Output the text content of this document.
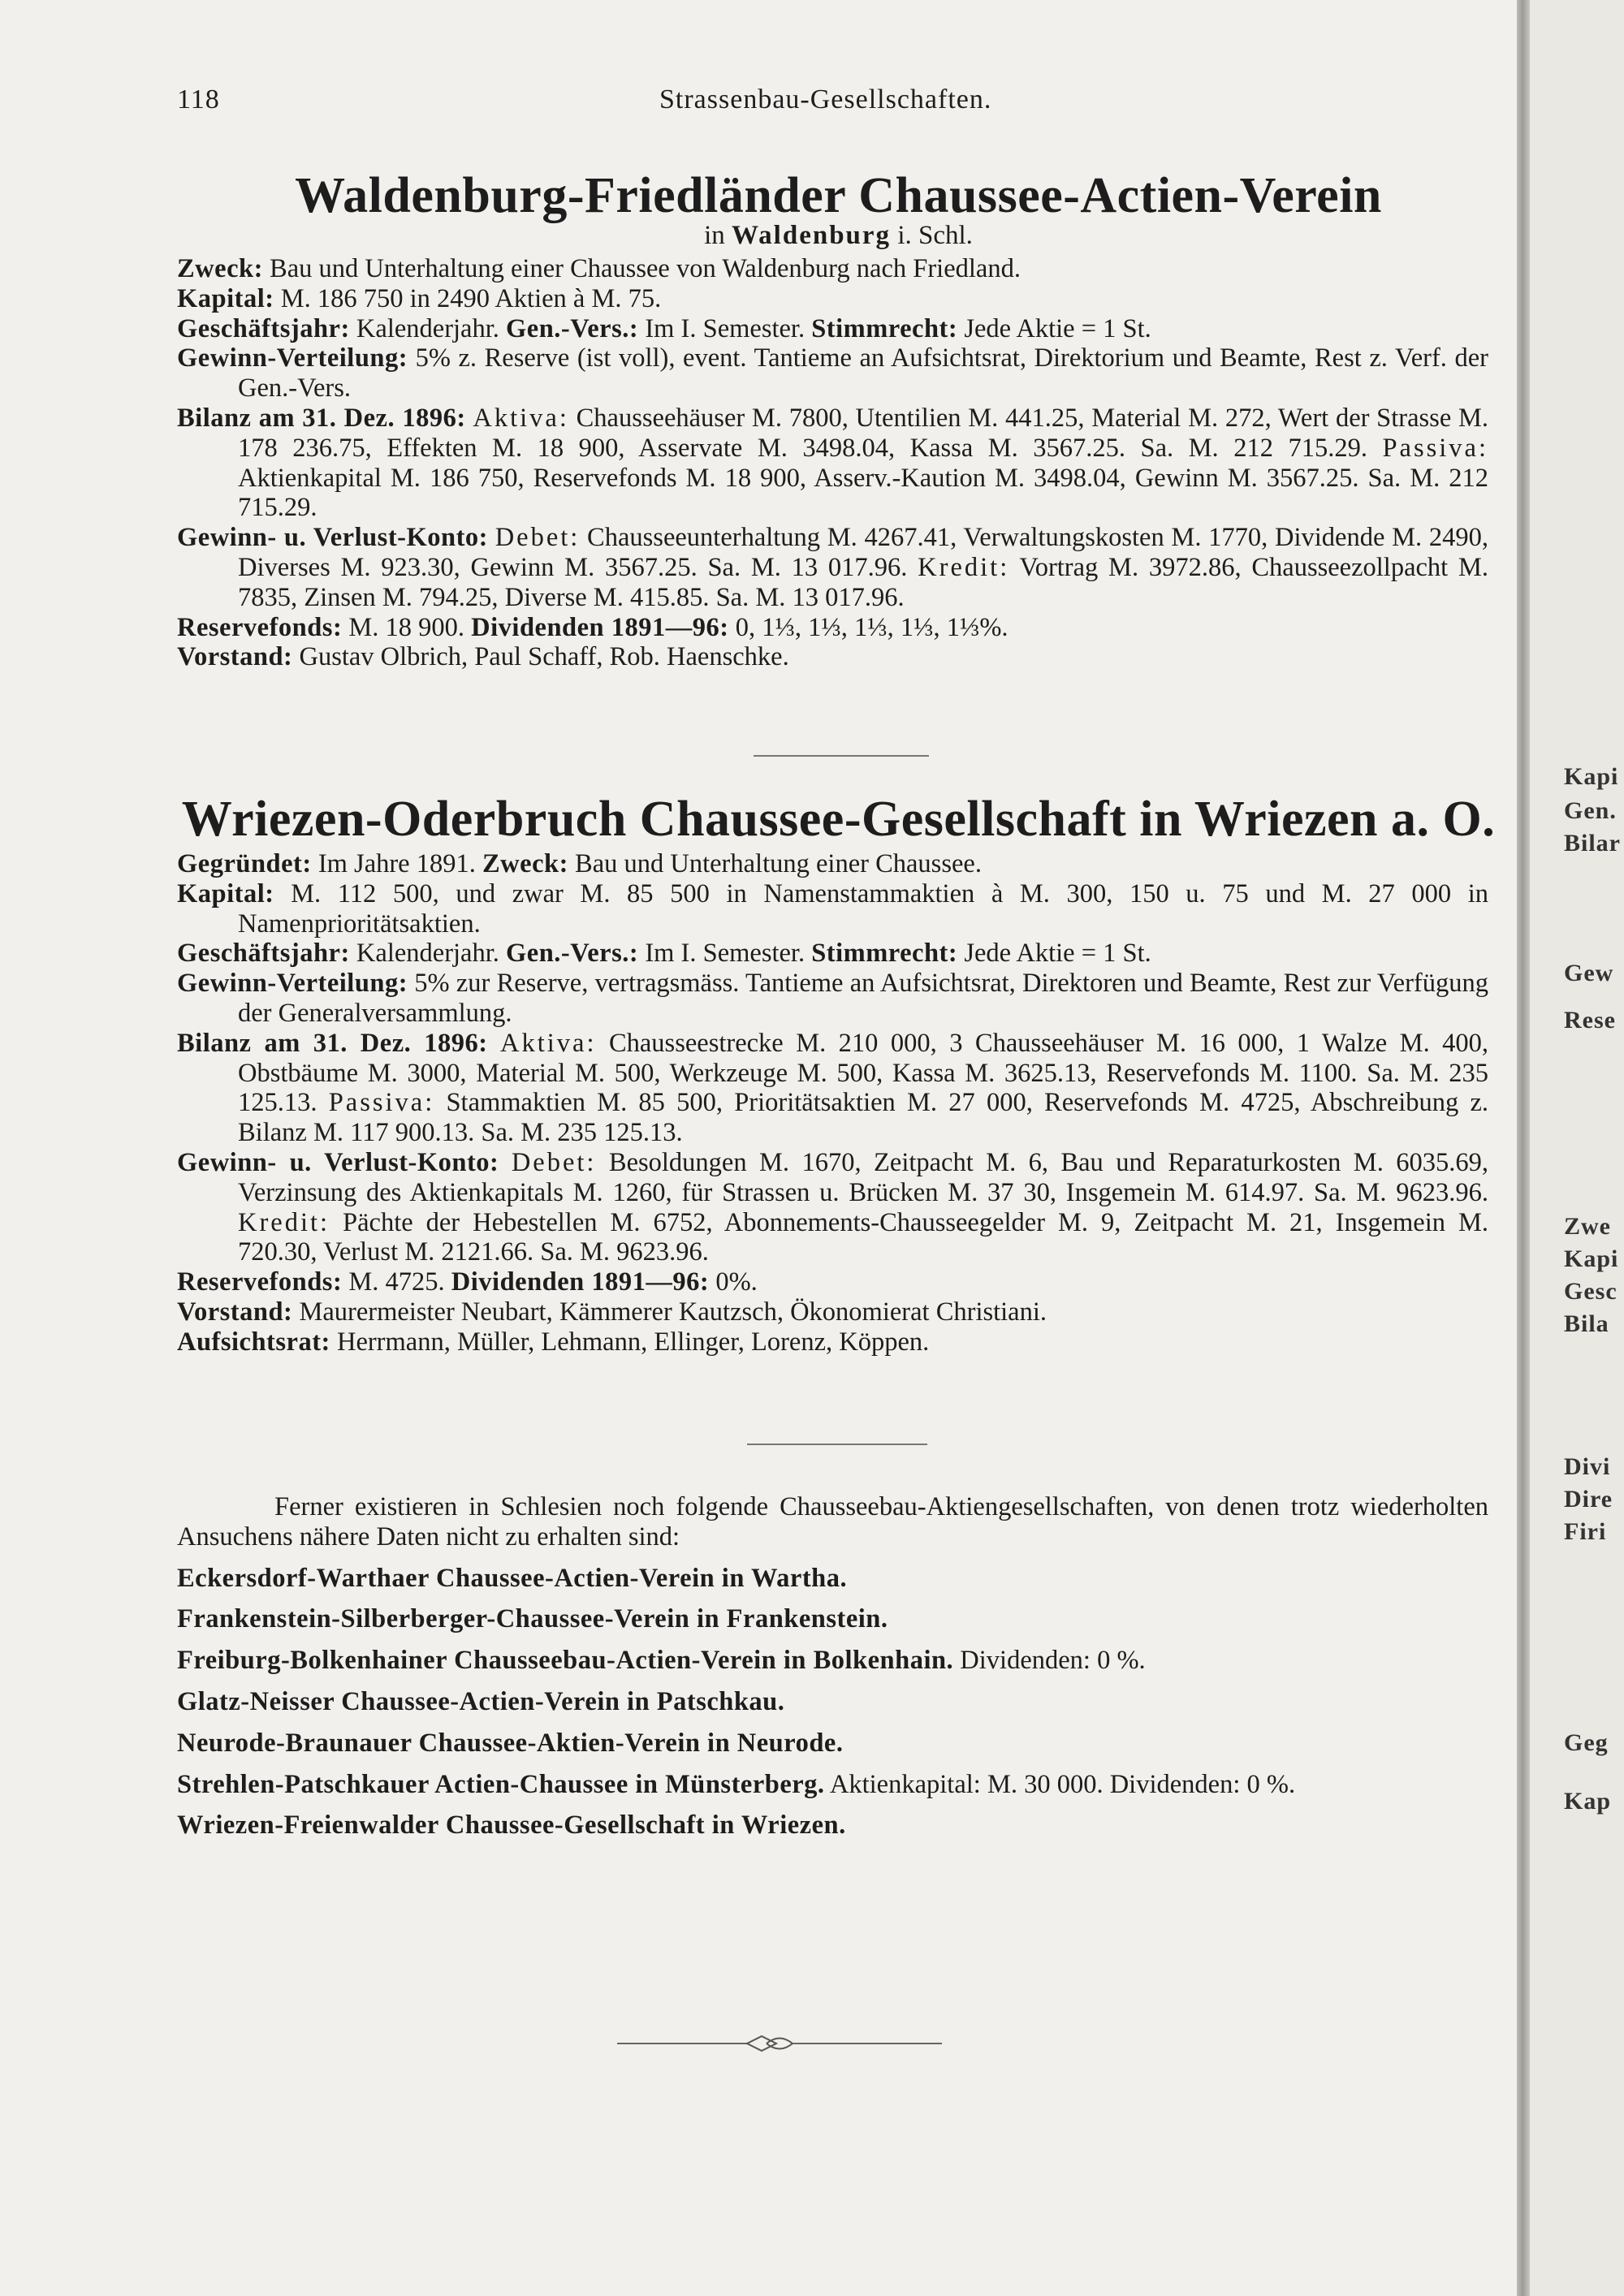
118	Strassenbau-Gesellschaften.
Waldenburg-Friedländer Chaussee-Actien-Verein
in Waldenburg i. Schl.

Zweck: Bau und Unterhaltung einer Chaussee von Waldenburg nach Friedland.

Kapital: M. 186 750 in 2490 Aktien à M. 75.

Geschäftsjahr: Kalenderjahr. Gen.-Vers.: Im I. Semester. Stimmrecht: Jede Aktie = 1 St.

Gewinn-Verteilung: 5% z. Reserve (ist voll), event. Tantieme an Aufsichtsrat, Direktorium und Beamte, Rest z. Verf. der Gen.-Vers.

Bilanz am 31. Dez. 1896: Aktiva: Chausseehäuser M. 7800, Utentilien M. 441.25, Material M. 272, Wert der Strasse M. 178 236.75, Effekten M. 18 900, Asservate M. 3498.04, Kassa M. 3567.25. Sa. M. 212 715.29. Passiva: Aktienkapital M. 186 750, Reservefonds M. 18 900, Asserv.-Kaution M. 3498.04, Gewinn M. 3567.25. Sa. M. 212 715.29.

Gewinn- u. Verlust-Konto: Debet: Chausseeunterhaltung M. 4267.41, Verwaltungskosten M. 1770, Dividende M. 2490, Diverses M. 923.30, Gewinn M. 3567.25. Sa. M. 13 017.96. Kredit: Vortrag M. 3972.86, Chausseezollpacht M. 7835, Zinsen M. 794.25, Diverse M. 415.85. Sa. M. 13 017.96.

Reservefonds: M. 18 900. Dividenden 1891—96: 0, 1⅓, 1⅓, 1⅓, 1⅓, 1⅓%.

Vorstand: Gustav Olbrich, Paul Schaff, Rob. Haenschke.

Wriezen-Oderbruch Chaussee-Gesellschaft in Wriezen a. O.

Gegründet: Im Jahre 1891. Zweck: Bau und Unterhaltung einer Chaussee.

Kapital: M. 112 500, und zwar M. 85 500 in Namenstammaktien à M. 300, 150 u. 75 und M. 27 000 in Namenprioritätsaktien.

Geschäftsjahr: Kalenderjahr. Gen.-Vers.: Im I. Semester. Stimmrecht: Jede Aktie = 1 St.

Gewinn-Verteilung: 5% zur Reserve, vertragsmäss. Tantieme an Aufsichtsrat, Direktoren und Beamte, Rest zur Verfügung der Generalversammlung.

Bilanz am 31. Dez. 1896: Aktiva: Chausseestrecke M. 210 000, 3 Chausseehäuser M. 16 000, 1 Walze M. 400, Obstbäume M. 3000, Material M. 500, Werkzeuge M. 500, Kassa M. 3625.13, Reservefonds M. 1100. Sa. M. 235 125.13. Passiva: Stammaktien M. 85 500, Prioritätsaktien M. 27 000, Reservefonds M. 4725, Abschreibung z. Bilanz M. 117 900.13. Sa. M. 235 125.13.

Gewinn- u. Verlust-Konto: Debet: Besoldungen M. 1670, Zeitpacht M. 6, Bau und Reparaturkosten M. 6035.69, Verzinsung des Aktienkapitals M. 1260, für Strassen u. Brücken M. 37 30, Insgemein M. 614.97. Sa. M. 9623.96. Kredit: Pächte der Hebestellen M. 6752, Abonnements-Chausseegelder M. 9, Zeitpacht M. 21, Insgemein M. 720.30, Verlust M. 2121.66. Sa. M. 9623.96.

Reservefonds: M. 4725. Dividenden 1891—96: 0%.

Vorstand: Maurermeister Neubart, Kämmerer Kautzsch, Ökonomierat Christiani.

Aufsichtsrat: Herrmann, Müller, Lehmann, Ellinger, Lorenz, Köppen.

Ferner existieren in Schlesien noch folgende Chausseebau-Aktiengesellschaften, von denen trotz wiederholten Ansuchens nähere Daten nicht zu erhalten sind:

Eckersdorf-Warthaer Chaussee-Actien-Verein in Wartha.

Frankenstein-Silberberger-Chaussee-Verein in Frankenstein.

Freiburg-Bolkenhainer Chausseebau-Actien-Verein in Bolkenhain. Dividenden: 0 %.

Glatz-Neisser Chaussee-Actien-Verein in Patschkau.

Neurode-Braunauer Chaussee-Aktien-Verein in Neurode.

Strehlen-Patschkauer Actien-Chaussee in Münsterberg. Aktienkapital: M. 30 000. Dividenden: 0 %.

Wriezen-Freienwalder Chaussee-Gesellschaft in Wriezen.

Kapi
Gen.
Bilar
Gew
Rese
Zwe
Kapi
Gesc
Bila
Divi
Dire
Firi
Geg
Kap
